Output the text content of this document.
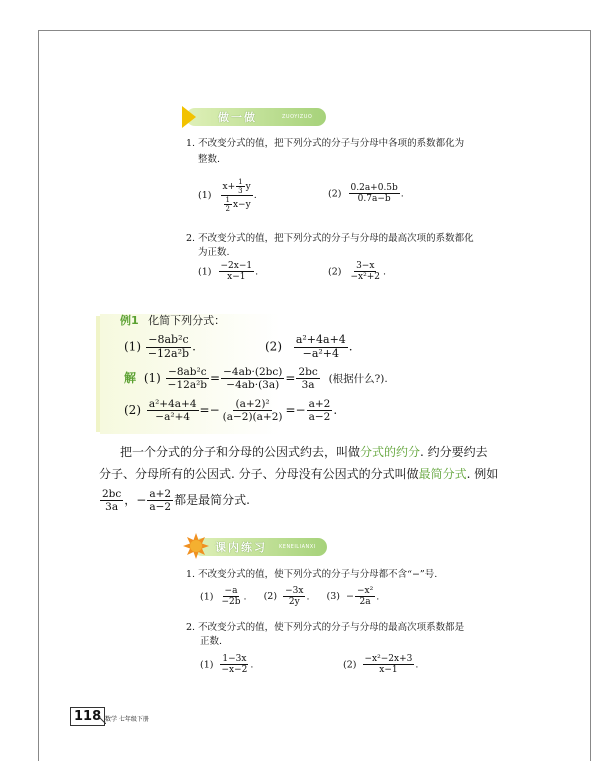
做一做	ZUOYIZUO
1. 不改变分式的值，把下列分式的分子与分母中各项的系数都化为
整数.
$(1) \frac{x+ \frac{1}{3} y}{\frac{1}{2} x-y}$ .	$(2) \frac{0.2a+0.5b}{0.7a-b}$ .
2. 不改变分式的值，把下列分式的分子与分母的最高次项的系数都化
为正数.
$(1) \frac{-2x-1}{x-1}$ .	$(2) \frac{3-x}{\text{−x²+2}}$ .
例1 化简下列分式：
$(1) \frac{\text{−8ab²c}}{\text{−12a²b}}$ .	$(2) \frac{\text{a²+4a+4}}{\text{−a²+4}}$ .
解 $(1) \frac{\text{−8ab²c}}{\text{−12a²b}} = \frac{-4ab\cdot(2bc)}{-4ab\cdot(3a)} = \frac{2bc}{3a}$ (根据什么?).
$(2) \frac{\text{a²+4a+4}}{\text{−a²+4}} =- \frac{\text{(a+2)²}}{(a-2)(a+2)} =- \frac{a+2}{a-2}$ .
把一个分式的分子和分母的公因式约去，叫做分式的约分. 约分要约去
分子、分母所有的公因式. 分子、分母没有公因式的分式叫做最简分式. 例如
$\frac{2bc}{3a}$ ，− $\frac{a+2}{a-2}$ 都是最简分式.
课内练习 KENEILIANXI
1. 不改变分式的值，使下列分式的分子与分母都不含“−”号.
$(1) \frac{-a}{-2b}$ . $(2) \frac{-3x}{2y}$ . $(3) - \frac{\text{−x²}}{2a}$ .
2. 不改变分式的值，使下列分式的分子与分母的最高次项系数都是
正数.
$(1) \frac{1-3x}{-x-2}$ .	$(2) \frac{\text{−x²−2x+3}}{x-1}$ .
118 数学 七年级下册
